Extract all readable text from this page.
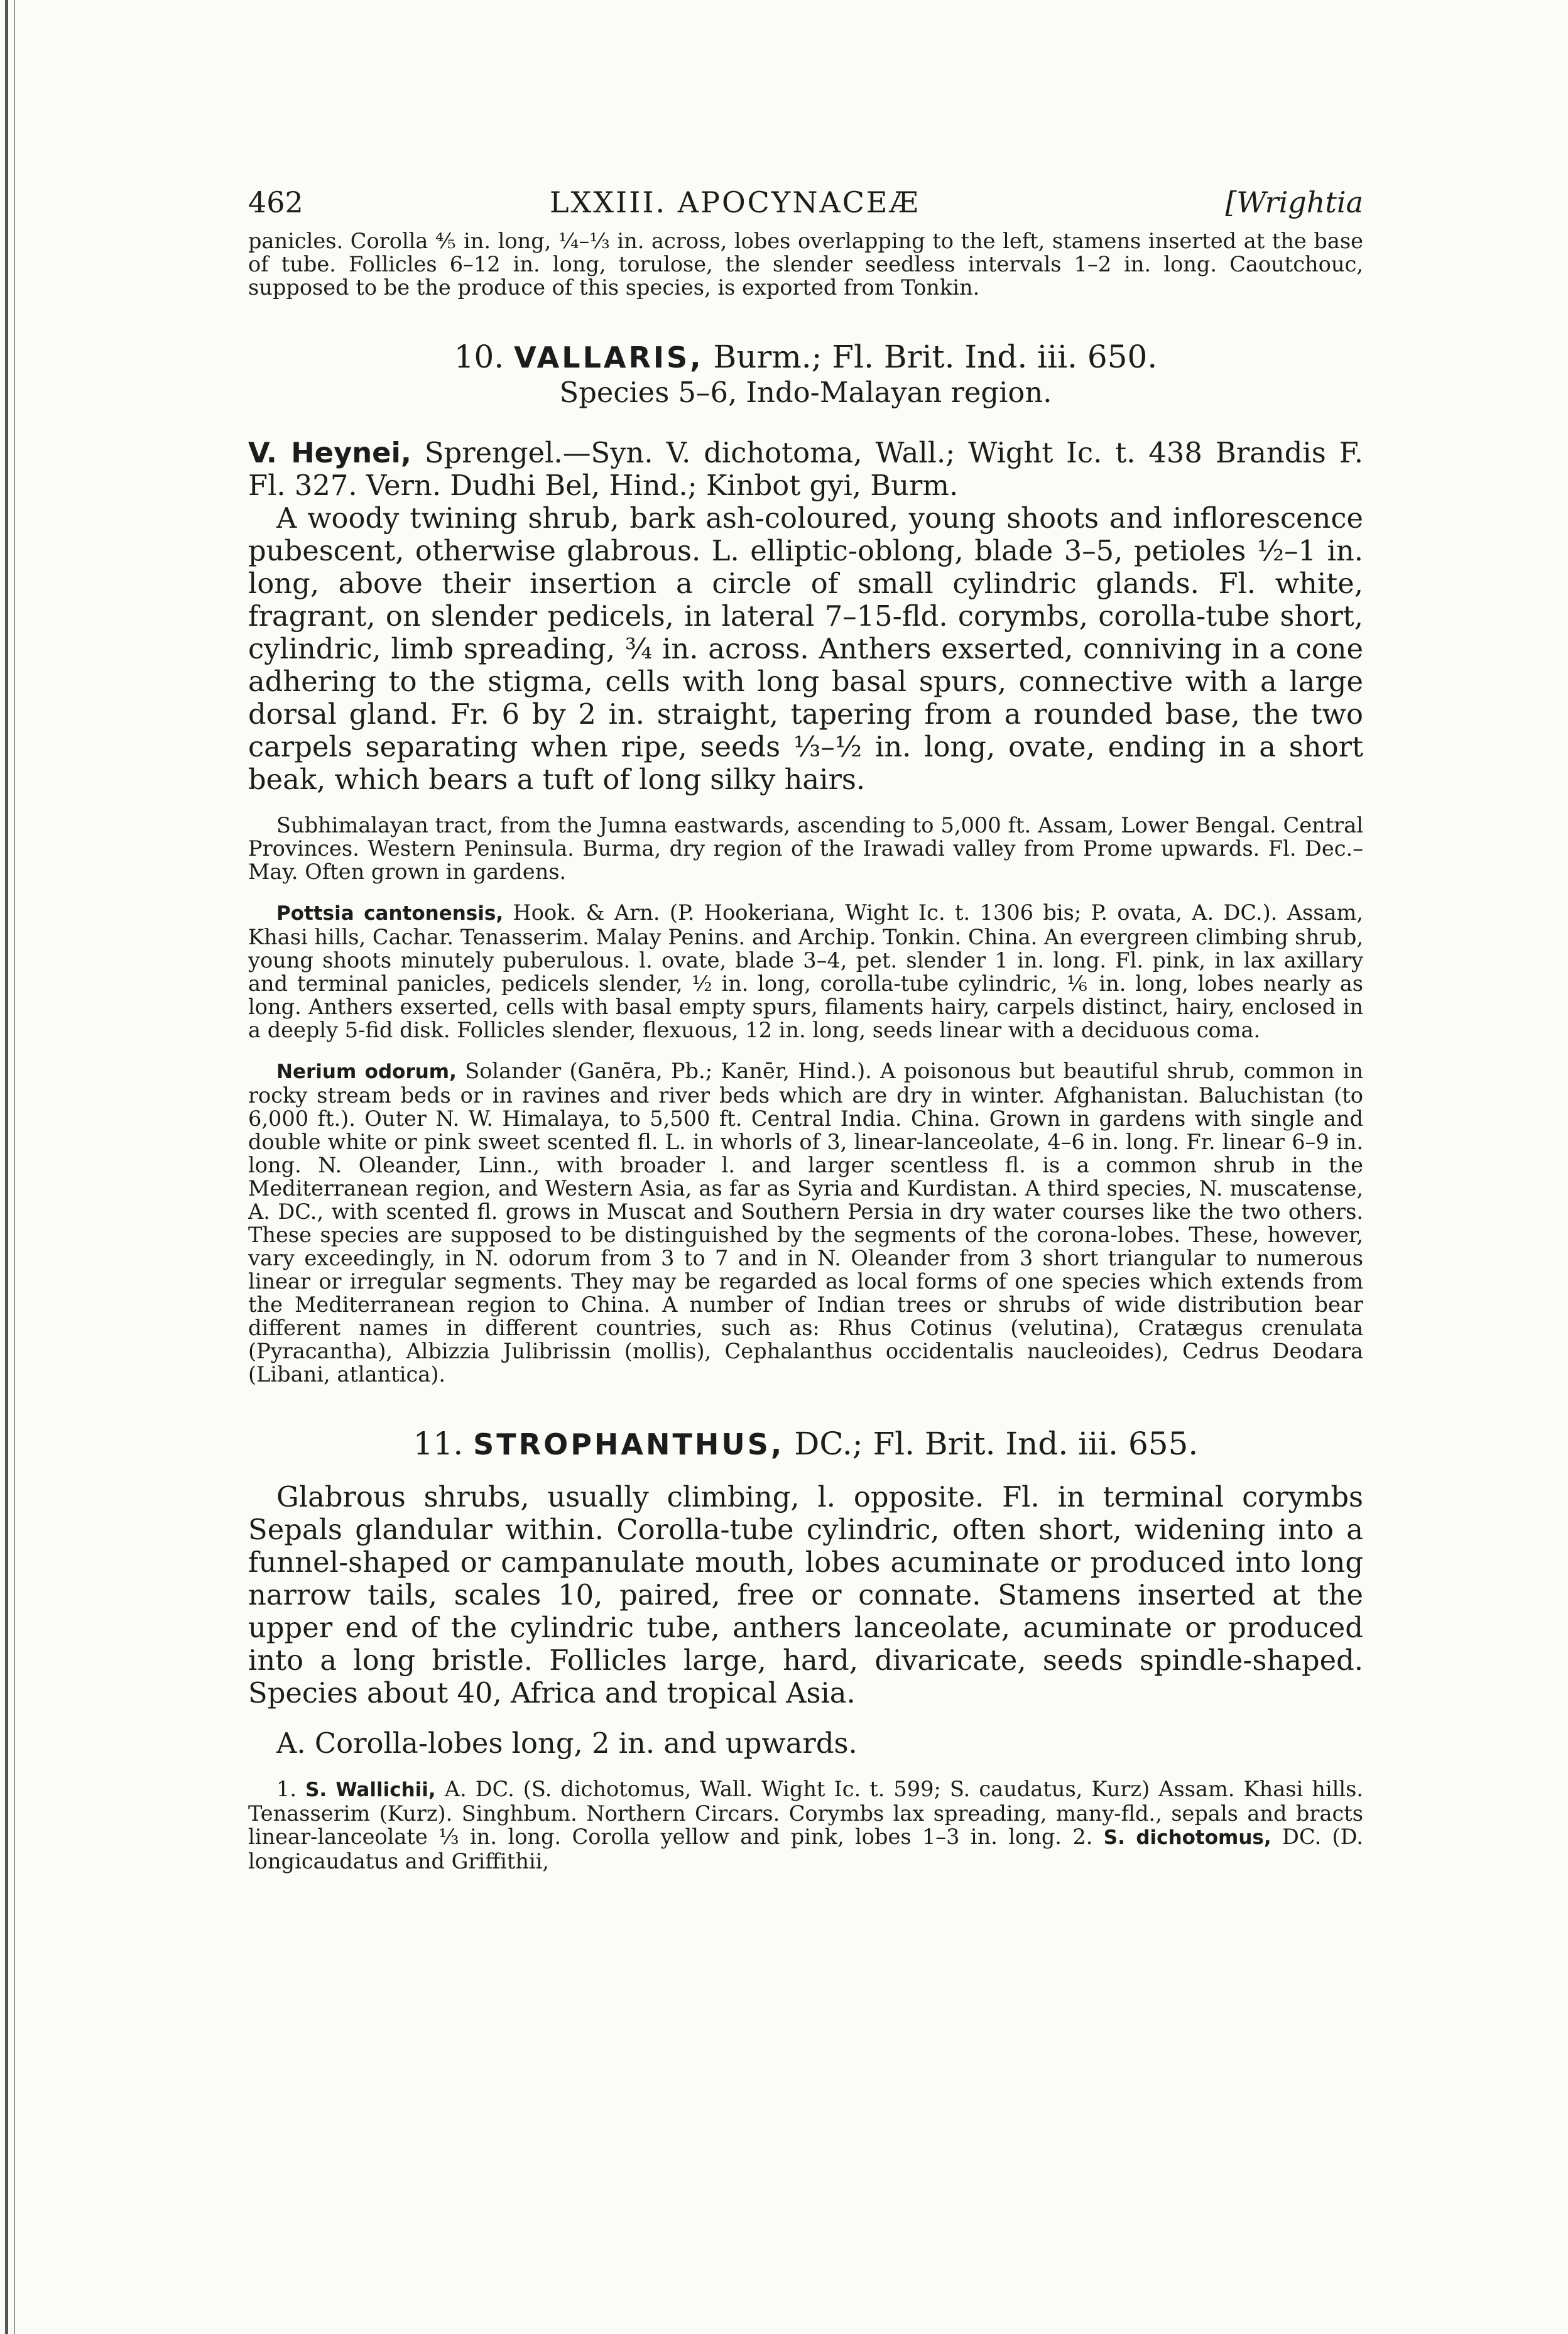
462	LXXIII. APOCYNACEÆ	[Wrightia

panicles. Corolla ⅘ in. long, ¼–⅓ in. across, lobes overlapping to the left, stamens inserted at the base of tube. Follicles 6–12 in. long, torulose, the slender seedless intervals 1–2 in. long. Caoutchouc, supposed to be the produce of this species, is exported from Tonkin.

10. VALLARIS, Burm.; Fl. Brit. Ind. iii. 650.

Species 5–6, Indo-Malayan region.

V. Heynei, Sprengel.—Syn. V. dichotoma, Wall.; Wight Ic. t. 438 Brandis F. Fl. 327. Vern. Dudhi Bel, Hind.; Kinbot gyi, Burm.

A woody twining shrub, bark ash-coloured, young shoots and inflorescence pubescent, otherwise glabrous. L. elliptic-oblong, blade 3–5, petioles ½–1 in. long, above their insertion a circle of small cylindric glands. Fl. white, fragrant, on slender pedicels, in lateral 7–15-fld. corymbs, corolla-tube short, cylindric, limb spreading, ¾ in. across. Anthers exserted, conniving in a cone adhering to the stigma, cells with long basal spurs, connective with a large dorsal gland. Fr. 6 by 2 in. straight, tapering from a rounded base, the two carpels separating when ripe, seeds ⅓–½ in. long, ovate, ending in a short beak, which bears a tuft of long silky hairs.

Subhimalayan tract, from the Jumna eastwards, ascending to 5,000 ft. Assam, Lower Bengal. Central Provinces. Western Peninsula. Burma, dry region of the Irawadi valley from Prome upwards. Fl. Dec.–May. Often grown in gardens.

Pottsia cantonensis, Hook. & Arn. (P. Hookeriana, Wight Ic. t. 1306 bis; P. ovata, A. DC.). Assam, Khasi hills, Cachar. Tenasserim. Malay Penins. and Archip. Tonkin. China. An evergreen climbing shrub, young shoots minutely puberulous. l. ovate, blade 3–4, pet. slender 1 in. long. Fl. pink, in lax axillary and terminal panicles, pedicels slender, ½ in. long, corolla-tube cylindric, ⅙ in. long, lobes nearly as long. Anthers exserted, cells with basal empty spurs, filaments hairy, carpels distinct, hairy, enclosed in a deeply 5-fid disk. Follicles slender, flexuous, 12 in. long, seeds linear with a deciduous coma.

Nerium odorum, Solander (Ganēra, Pb.; Kanēr, Hind.). A poisonous but beautiful shrub, common in rocky stream beds or in ravines and river beds which are dry in winter. Afghanistan. Baluchistan (to 6,000 ft.). Outer N. W. Himalaya, to 5,500 ft. Central India. China. Grown in gardens with single and double white or pink sweet scented fl. L. in whorls of 3, linear-lanceolate, 4–6 in. long. Fr. linear 6–9 in. long. N. Oleander, Linn., with broader l. and larger scentless fl. is a common shrub in the Mediterranean region, and Western Asia, as far as Syria and Kurdistan. A third species, N. muscatense, A. DC., with scented fl. grows in Muscat and Southern Persia in dry water courses like the two others. These species are supposed to be distinguished by the segments of the corona-lobes. These, however, vary exceedingly, in N. odorum from 3 to 7 and in N. Oleander from 3 short triangular to numerous linear or irregular segments. They may be regarded as local forms of one species which extends from the Mediterranean region to China. A number of Indian trees or shrubs of wide distribution bear different names in different countries, such as: Rhus Cotinus (velutina), Cratægus crenulata (Pyracantha), Albizzia Julibrissin (mollis), Cephalanthus occidentalis naucleoides), Cedrus Deodara (Libani, atlantica).

11. STROPHANTHUS, DC.; Fl. Brit. Ind. iii. 655.

Glabrous shrubs, usually climbing, l. opposite. Fl. in terminal corymbs Sepals glandular within. Corolla-tube cylindric, often short, widening into a funnel-shaped or campanulate mouth, lobes acuminate or produced into long narrow tails, scales 10, paired, free or connate. Stamens inserted at the upper end of the cylindric tube, anthers lanceolate, acuminate or produced into a long bristle. Follicles large, hard, divaricate, seeds spindle-shaped. Species about 40, Africa and tropical Asia.

A. Corolla-lobes long, 2 in. and upwards.

1. S. Wallichii, A. DC. (S. dichotomus, Wall. Wight Ic. t. 599; S. caudatus, Kurz) Assam. Khasi hills. Tenasserim (Kurz). Singhbum. Northern Circars. Corymbs lax spreading, many-fld., sepals and bracts linear-lanceolate ⅓ in. long. Corolla yellow and pink, lobes 1–3 in. long. 2. S. dichotomus, DC. (D. longicaudatus and Griffithii,
